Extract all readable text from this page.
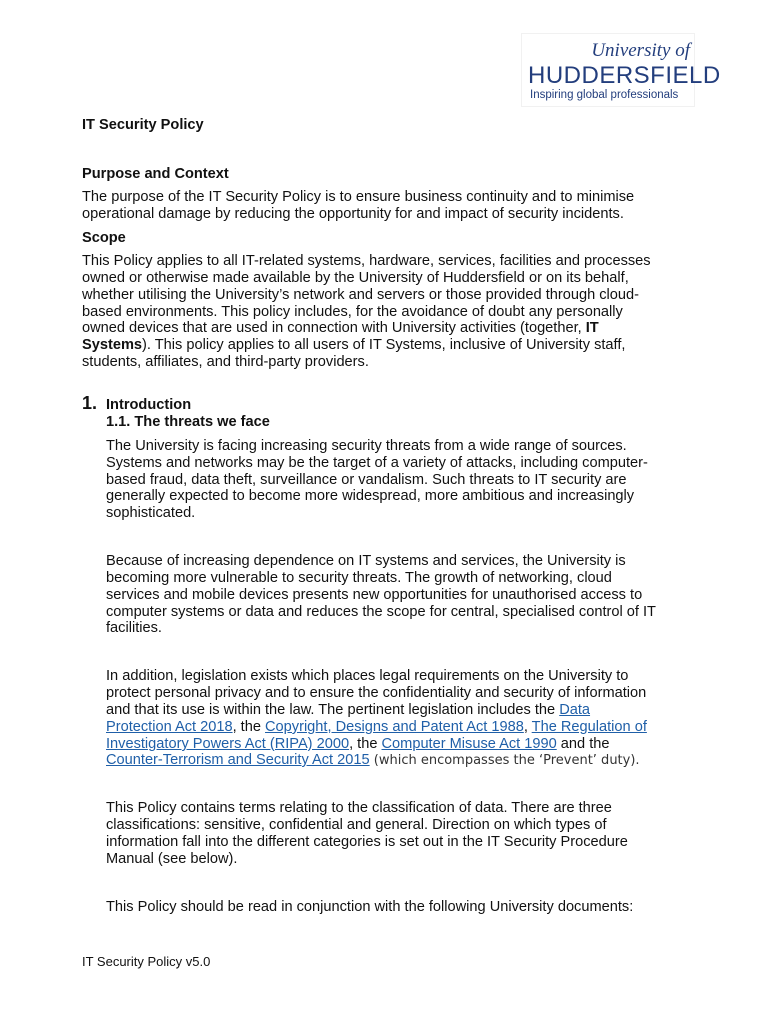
University of
HUDDERSFIELD
Inspiring global professionals
IT Security Policy
Purpose and Context
The purpose of the IT Security Policy is to ensure business continuity and to minimise
operational damage by reducing the opportunity for and impact of security incidents.
Scope
This Policy applies to all IT-related systems, hardware, services, facilities and processes
owned or otherwise made available by the University of Huddersfield or on its behalf,
whether utilising the University’s network and servers or those provided through cloud-
based environments. This policy includes, for the avoidance of doubt any personally
owned devices that are used in connection with University activities (together, IT
Systems). This policy applies to all users of IT Systems, inclusive of University staff,
students, affiliates, and third-party providers.
1. Introduction
1.1. The threats we face
The University is facing increasing security threats from a wide range of sources.
Systems and networks may be the target of a variety of attacks, including computer-
based fraud, data theft, surveillance or vandalism. Such threats to IT security are
generally expected to become more widespread, more ambitious and increasingly
sophisticated.
Because of increasing dependence on IT systems and services, the University is
becoming more vulnerable to security threats. The growth of networking, cloud
services and mobile devices presents new opportunities for unauthorised access to
computer systems or data and reduces the scope for central, specialised control of IT
facilities.
In addition, legislation exists which places legal requirements on the University to
protect personal privacy and to ensure the confidentiality and security of information
and that its use is within the law. The pertinent legislation includes the Data
Protection Act 2018, the Copyright, Designs and Patent Act 1988, The Regulation of
Investigatory Powers Act (RIPA) 2000, the Computer Misuse Act 1990 and the
Counter-Terrorism and Security Act 2015 (which encompasses the ‘Prevent’ duty).
This Policy contains terms relating to the classification of data. There are three
classifications: sensitive, confidential and general. Direction on which types of
information fall into the different categories is set out in the IT Security Procedure
Manual (see below).
This Policy should be read in conjunction with the following University documents:
IT Security Policy v5.0
